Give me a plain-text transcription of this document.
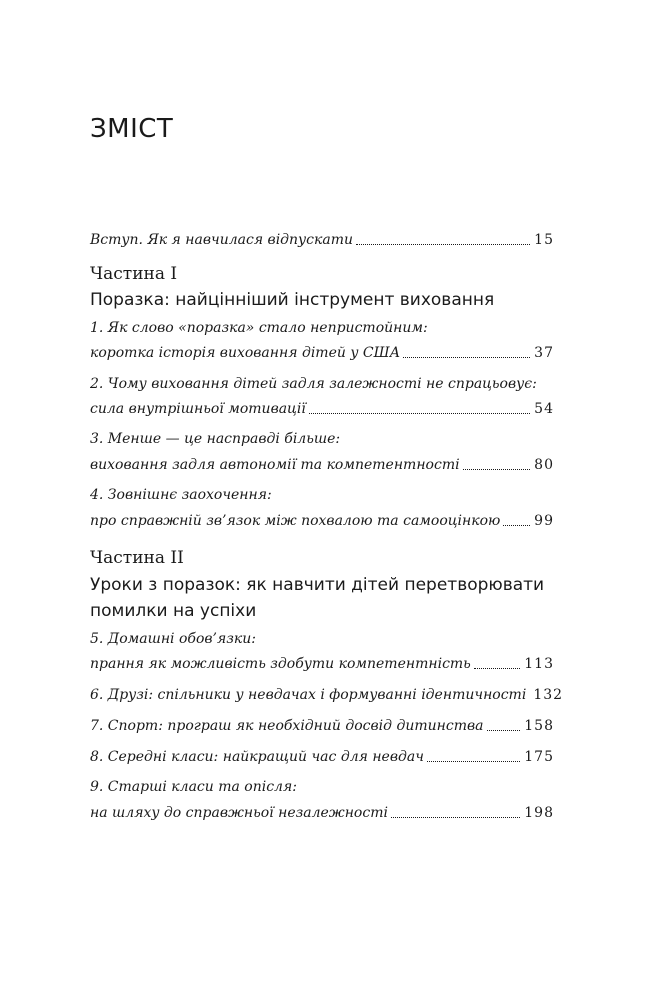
ЗМІСТ
Вступ. Як я навчилася відпускати	15
Частина I
Поразка: найцінніший інструмент виховання
1. Як слово «поразка» стало непристойним:
коротка історія виховання дітей у США	37
2. Чому виховання дітей задля залежності не спрацьовує:
сила внутрішньої мотивації	54
3. Менше — це насправді більше:
виховання задля автономії та компетентності	80
4. Зовнішнє заохочення:
про справжній зв’язок між похвалою та самооцінкою 99
Частина II
Уроки з поразок: як навчити дітей перетворювати
помилки на успіхи
5. Домашні обов’язки:
прання як можливість здобути компетентність	113
6. Друзі: спільники у невдачах і формуванні ідентичності 132
7. Спорт: програш як необхідний досвід дитинства	158
8. Середні класи: найкращий час для невдач	175
9. Старші класи та опісля:
на шляху до справжньої незалежності	198
